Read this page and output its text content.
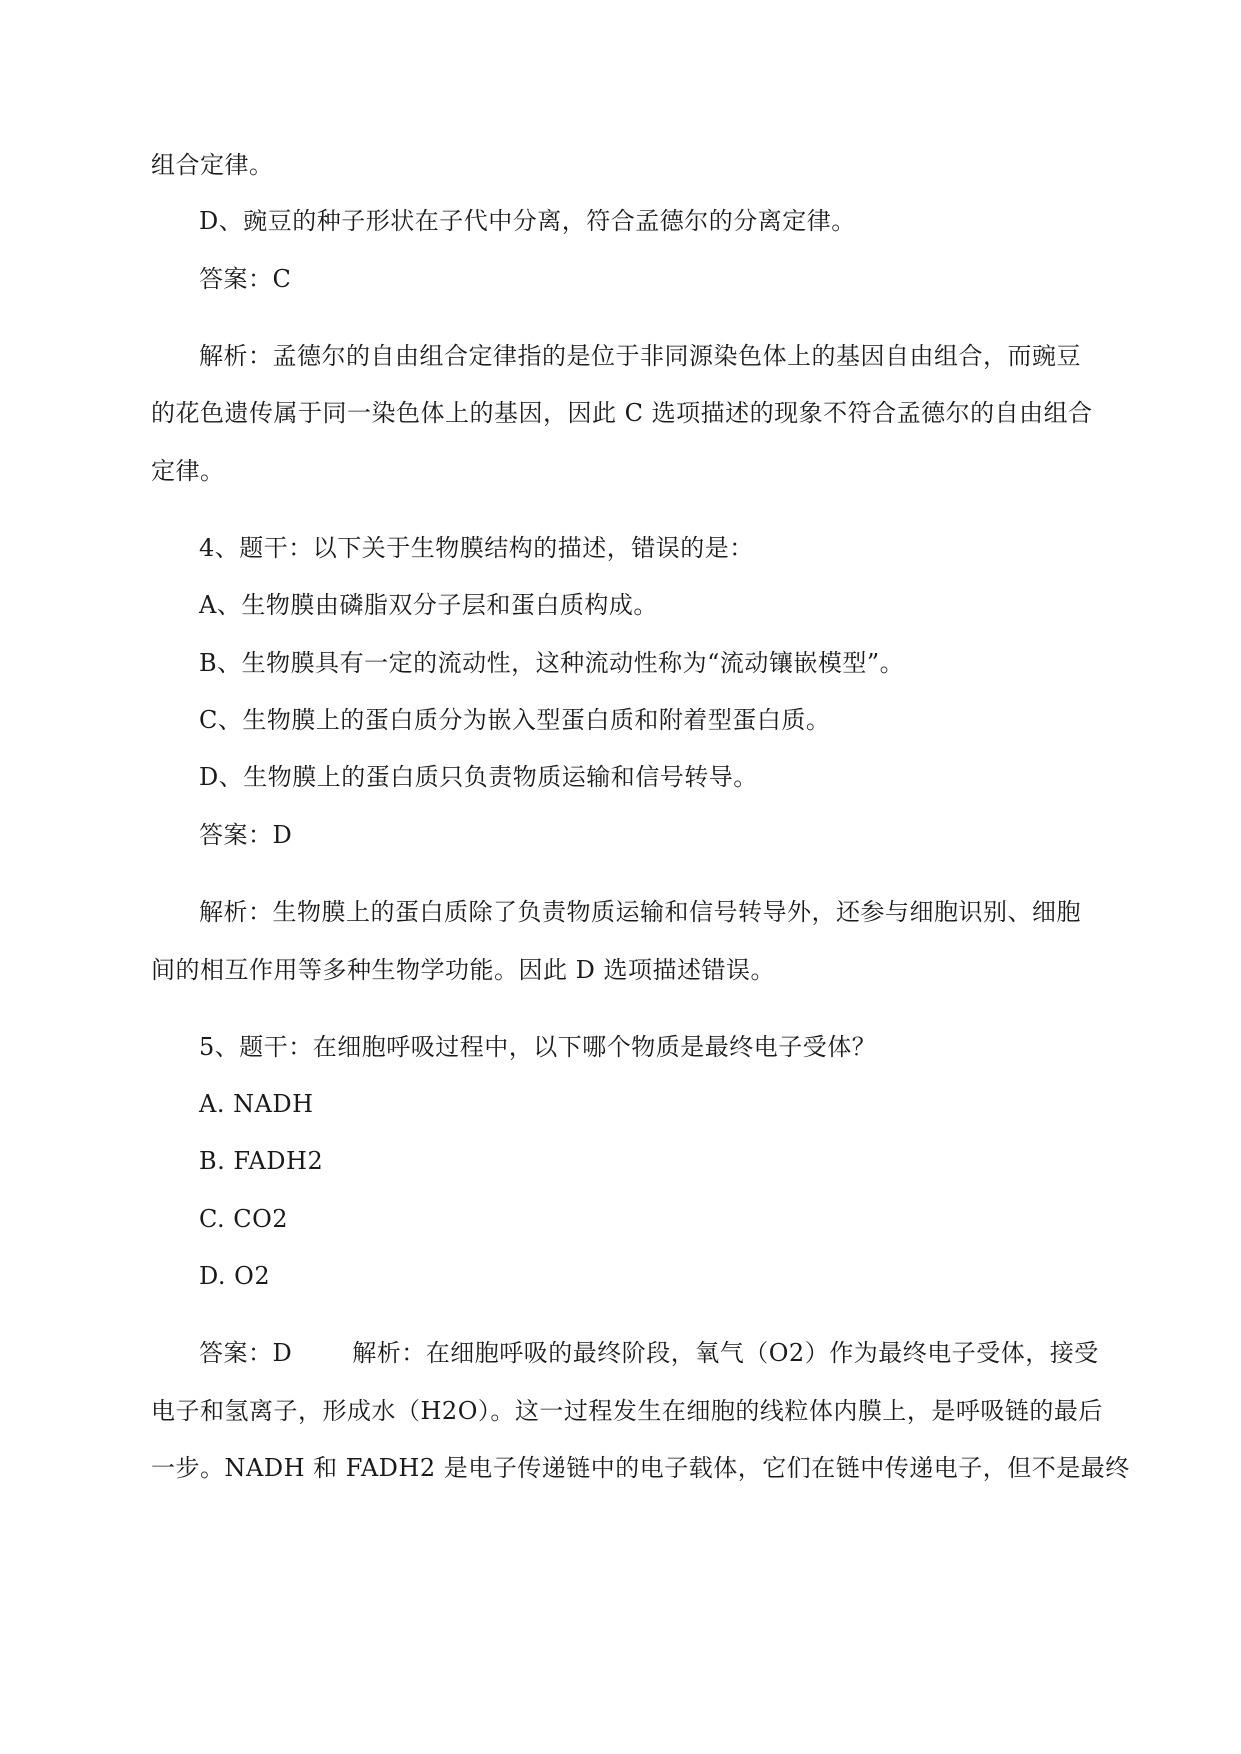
组合定律。
D、豌豆的种子形状在子代中分离，符合孟德尔的分离定律。
答案：C
解析：孟德尔的自由组合定律指的是位于非同源染色体上的基因自由组合，而豌豆
的花色遗传属于同一染色体上的基因，因此 C 选项描述的现象不符合孟德尔的自由组合
定律。
4、题干：以下关于生物膜结构的描述，错误的是：
A、生物膜由磷脂双分子层和蛋白质构成。
B、生物膜具有一定的流动性，这种流动性称为“流动镶嵌模型”。
C、生物膜上的蛋白质分为嵌入型蛋白质和附着型蛋白质。
D、生物膜上的蛋白质只负责物质运输和信号转导。
答案：D
解析：生物膜上的蛋白质除了负责物质运输和信号转导外，还参与细胞识别、细胞
间的相互作用等多种生物学功能。因此 D 选项描述错误。
5、题干：在细胞呼吸过程中，以下哪个物质是最终电子受体？
A. NADH
B. FADH2
C. CO2
D. O2
答案：D	解析：在细胞呼吸的最终阶段，氧气（O2）作为最终电子受体，接受
电子和氢离子，形成水（H2O）。这一过程发生在细胞的线粒体内膜上，是呼吸链的最后
一步。NADH 和 FADH2 是电子传递链中的电子载体，它们在链中传递电子，但不是最终
